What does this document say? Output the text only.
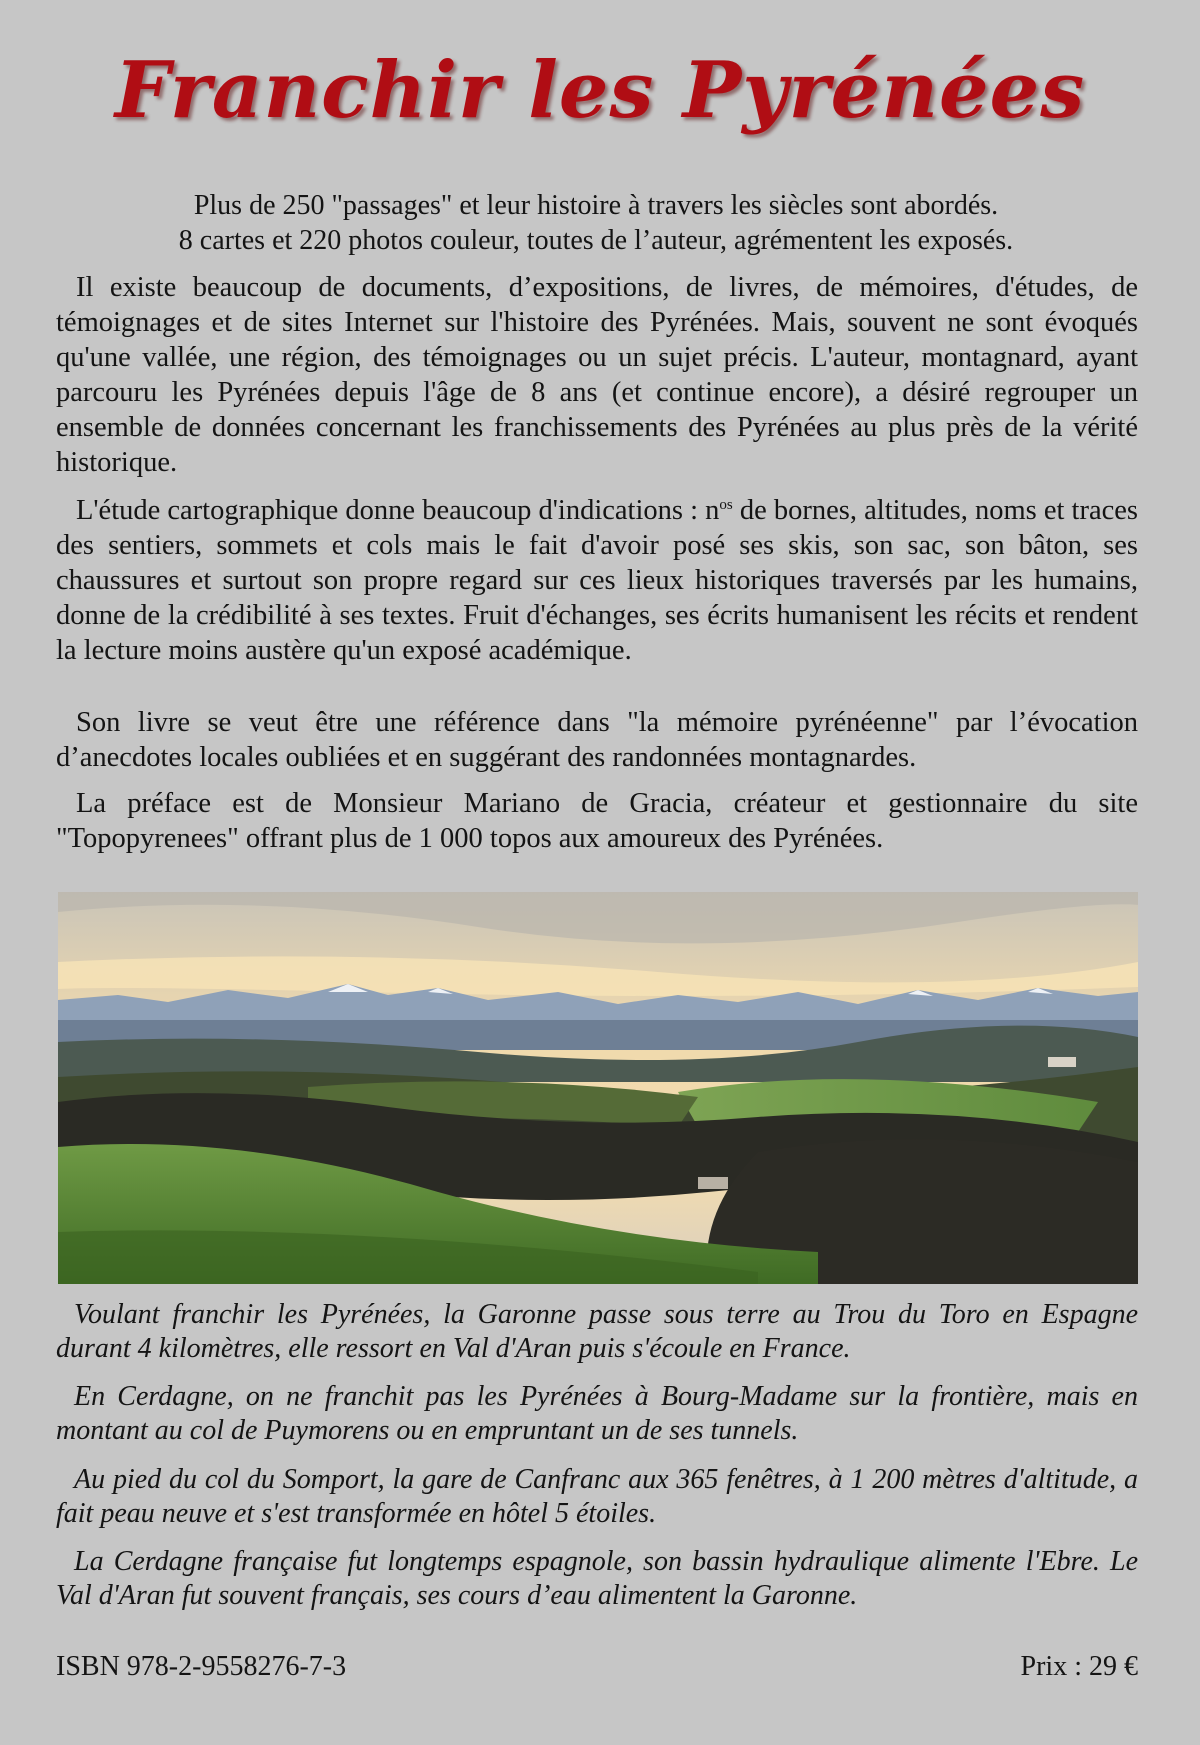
Franchir les Pyrénées
Plus de 250 "passages" et leur histoire à travers les siècles sont abordés.
8 cartes et 220 photos couleur, toutes de l’auteur, agrémentent les exposés.

Il existe beaucoup de documents, d’expositions, de livres, de mémoires, d'études, de témoignages et de sites Internet sur l'histoire des Pyrénées. Mais, souvent ne sont évoqués qu'une vallée, une région, des témoignages ou un sujet précis. L'auteur, montagnard, ayant parcouru les Pyrénées depuis l'âge de 8 ans (et continue encore), a désiré regrouper un ensemble de données concernant les franchissements des Pyrénées au plus près de la vérité historique.

L'étude cartographique donne beaucoup d'indications : $n^{os}$ de bornes, altitudes, noms et traces des sentiers, sommets et cols mais le fait d'avoir posé ses skis, son sac, son bâton, ses chaussures et surtout son propre regard sur ces lieux historiques traversés par les humains, donne de la crédibilité à ses textes. Fruit d'échanges, ses écrits humanisent les récits et rendent la lecture moins austère qu'un exposé académique.

Son livre se veut être une référence dans "la mémoire pyrénéenne" par l’évocation d’anecdotes locales oubliées et en suggérant des randonnées montagnardes.

La préface est de Monsieur Mariano de Gracia, créateur et gestionnaire du site "Topopyrenees" offrant plus de 1 000 topos aux amoureux des Pyrénées.

Voulant franchir les Pyrénées, la Garonne passe sous terre au Trou du Toro en Espagne durant 4 kilomètres, elle ressort en Val d'Aran puis s'écoule en France.

En Cerdagne, on ne franchit pas les Pyrénées à Bourg-Madame sur la frontière, mais en montant au col de Puymorens ou en empruntant un de ses tunnels.

Au pied du col du Somport, la gare de Canfranc aux 365 fenêtres, à 1 200 mètres d'altitude, a fait peau neuve et s'est transformée en hôtel 5 étoiles.

La Cerdagne française fut longtemps espagnole, son bassin hydraulique alimente l'Ebre. Le Val d'Aran fut souvent français, ses cours d’eau alimentent la Garonne.

ISBN 978-2-9558276-7-3	Prix : 29 €
